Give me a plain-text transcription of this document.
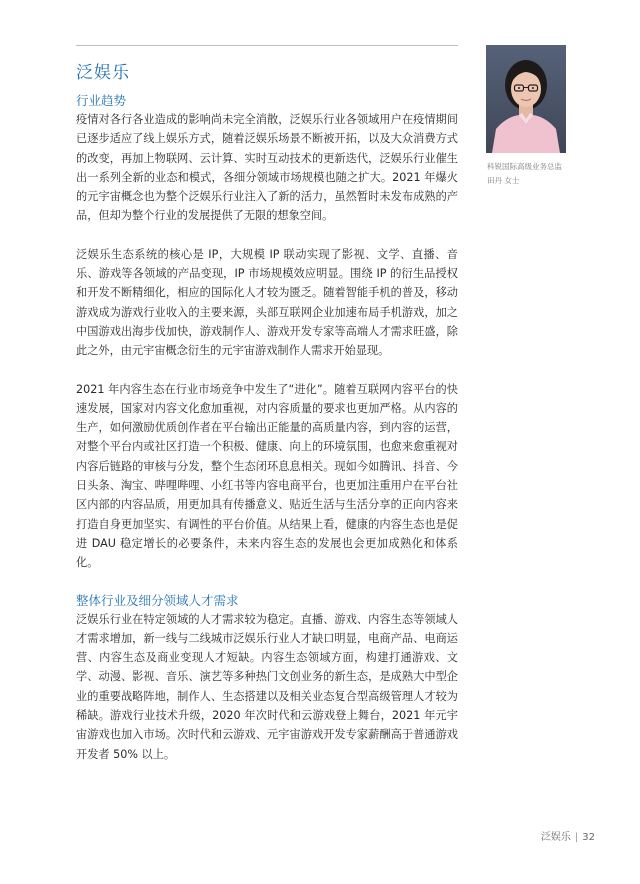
泛娱乐

行业趋势

疫情对各行各业造成的影响尚未完全消散，泛娱乐行业各领域用户在疫情期间已逐步适应了线上娱乐方式，随着泛娱乐场景不断被开拓，以及大众消费方式的改变，再加上物联网、云计算、实时互动技术的更新迭代，泛娱乐行业催生出一系列全新的业态和模式，各细分领域市场规模也随之扩大。2021 年爆火的元宇宙概念也为整个泛娱乐行业注入了新的活力，虽然暂时未发布成熟的产品，但却为整个行业的发展提供了无限的想象空间。

泛娱乐生态系统的核心是 IP，大规模 IP 联动实现了影视、文学、直播、音乐、游戏等各领域的产品变现，IP 市场规模效应明显。围绕 IP 的衍生品授权和开发不断精细化，相应的国际化人才较为匮乏。随着智能手机的普及，移动游戏成为游戏行业收入的主要来源，头部互联网企业加速布局手机游戏，加之中国游戏出海步伐加快，游戏制作人、游戏开发专家等高端人才需求旺盛，除此之外，由元宇宙概念衍生的元宇宙游戏制作人需求开始显现。

2021 年内容生态在行业市场竞争中发生了“进化”。随着互联网内容平台的快速发展，国家对内容文化愈加重视，对内容质量的要求也更加严格。从内容的生产，如何激励优质创作者在平台输出正能量的高质量内容，到内容的运营，对整个平台内或社区打造一个积极、健康、向上的环境氛围，也愈来愈重视对内容后链路的审核与分发，整个生态闭环息息相关。现如今如腾讯、抖音、今日头条、淘宝、哔哩哔哩、小红书等内容电商平台，也更加注重用户在平台社区内部的内容品质，用更加具有传播意义、贴近生活与生活分享的正向内容来打造自身更加坚实、有调性的平台价值。从结果上看，健康的内容生态也是促进 DAU 稳定增长的必要条件，未来内容生态的发展也会更加成熟化和体系化。

整体行业及细分领域人才需求

泛娱乐行业在特定领域的人才需求较为稳定。直播、游戏、内容生态等领域人才需求增加，新一线与二线城市泛娱乐行业人才缺口明显，电商产品、电商运营、内容生态及商业变现人才短缺。内容生态领域方面，构建打通游戏、文学、动漫、影视、音乐、演艺等多种热门文创业务的新生态，是成熟大中型企业的重要战略阵地，制作人、生态搭建以及相关业态复合型高级管理人才较为稀缺。游戏行业技术升级，2020 年次时代和云游戏登上舞台，2021 年元宇宙游戏也加入市场。次时代和云游戏、元宇宙游戏开发专家薪酬高于普通游戏开发者 50% 以上。

科锐国际高级业务总监
田丹 女士
泛娱乐 | 32
